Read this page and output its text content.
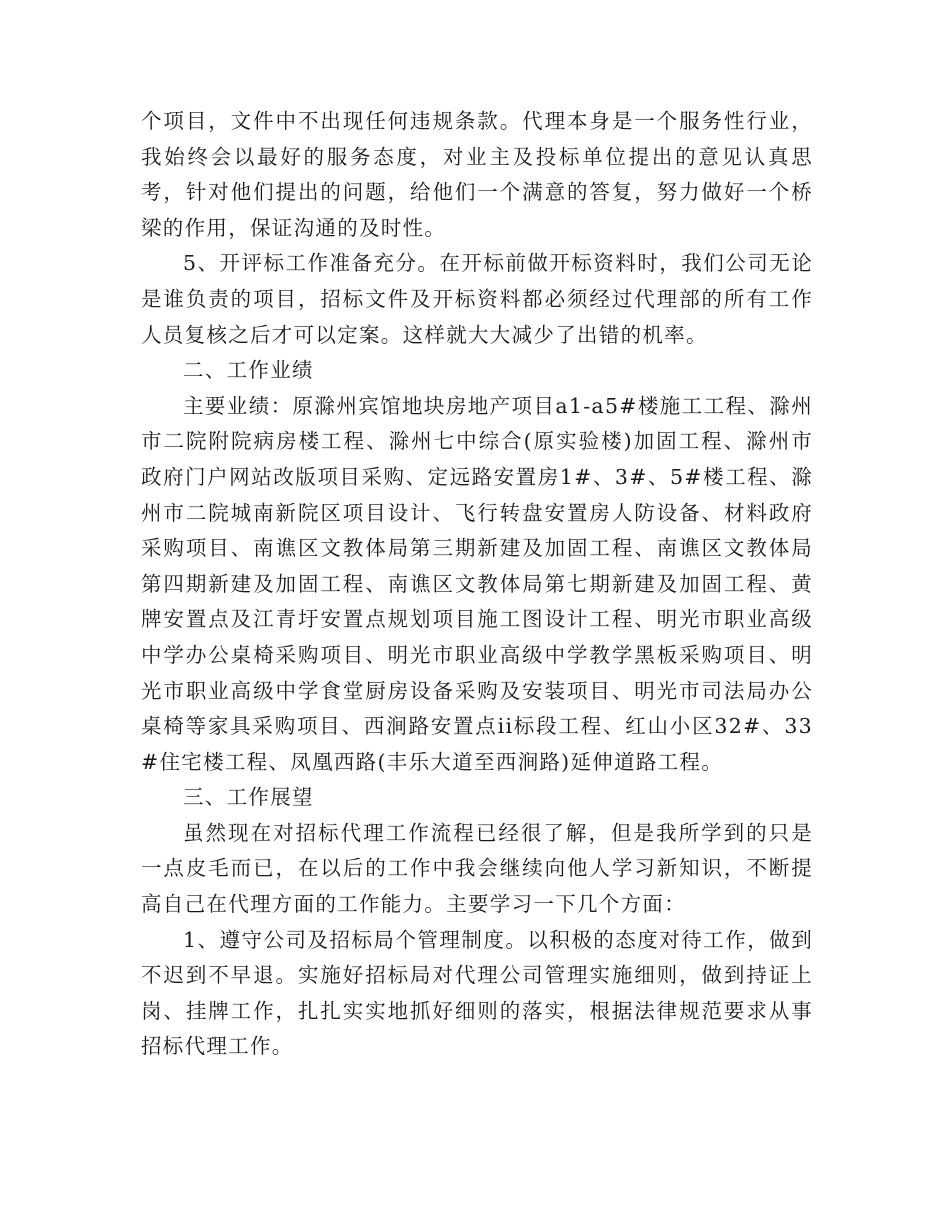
个项目，文件中不出现任何违规条款。代理本身是一个服务性行业，我始终会以最好的服务态度，对业主及投标单位提出的意见认真思考，针对他们提出的问题，给他们一个满意的答复，努力做好一个桥梁的作用，保证沟通的及时性。

5、开评标工作准备充分。在开标前做开标资料时，我们公司无论是谁负责的项目，招标文件及开标资料都必须经过代理部的所有工作人员复核之后才可以定案。这样就大大减少了出错的机率。

二、工作业绩

主要业绩：原滁州宾馆地块房地产项目a1-a5#楼施工工程、滁州市二院附院病房楼工程、滁州七中综合(原实验楼)加固工程、滁州市政府门户网站改版项目采购、定远路安置房1#、3#、5#楼工程、滁州市二院城南新院区项目设计、飞行转盘安置房人防设备、材料政府采购项目、南谯区文教体局第三期新建及加固工程、南谯区文教体局第四期新建及加固工程、南谯区文教体局第七期新建及加固工程、黄牌安置点及江青圩安置点规划项目施工图设计工程、明光市职业高级中学办公桌椅采购项目、明光市职业高级中学教学黑板采购项目、明光市职业高级中学食堂厨房设备采购及安装项目、明光市司法局办公桌椅等家具采购项目、西涧路安置点ii标段工程、红山小区32#、33#住宅楼工程、凤凰西路(丰乐大道至西涧路)延伸道路工程。

三、工作展望

虽然现在对招标代理工作流程已经很了解，但是我所学到的只是一点皮毛而已，在以后的工作中我会继续向他人学习新知识，不断提高自己在代理方面的工作能力。主要学习一下几个方面：

1、遵守公司及招标局个管理制度。以积极的态度对待工作，做到不迟到不早退。实施好招标局对代理公司管理实施细则，做到持证上岗、挂牌工作，扎扎实实地抓好细则的落实，根据法律规范要求从事招标代理工作。
